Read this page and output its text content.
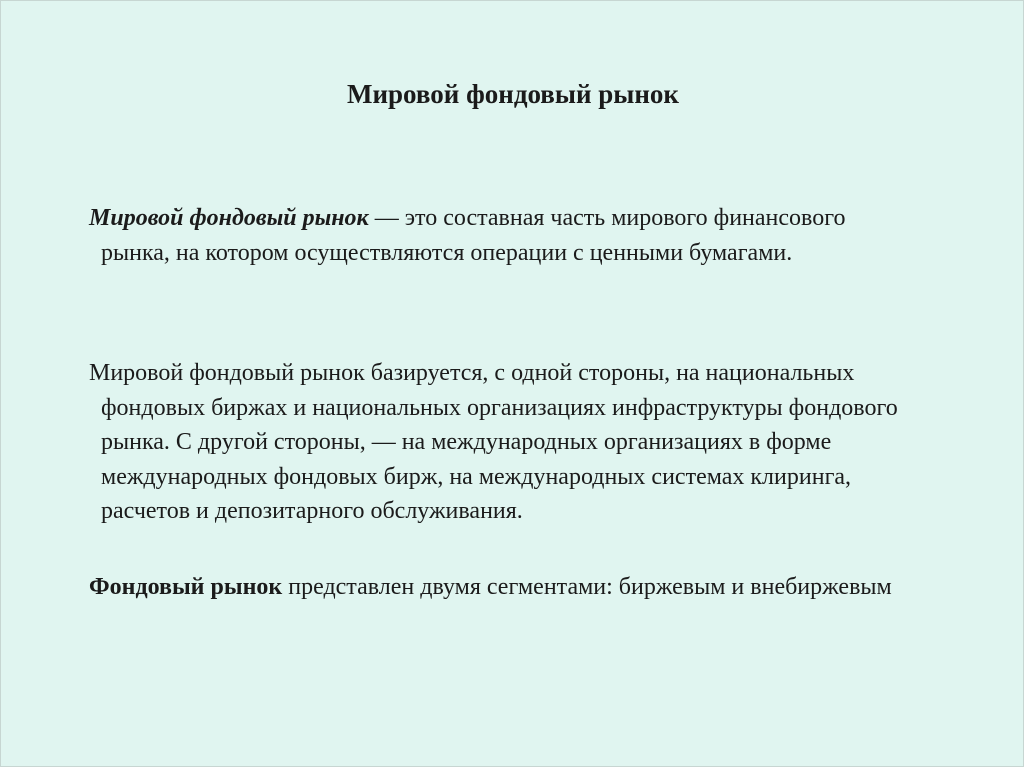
Мировой фондовый рынок

Мировой фондовый рынок — это составная часть мирового финансового рынка, на котором осуществляются операции с ценными бумагами.

Мировой фондовый рынок базируется, с одной стороны, на национальных фондовых биржах и национальных организациях инфраструктуры фондового рынка. С другой стороны, — на международных организациях в форме международных фондовых бирж, на международных системах клиринга, расчетов и депозитарного обслуживания.

Фондовый рынок представлен двумя сегментами: биржевым и внебиржевым
